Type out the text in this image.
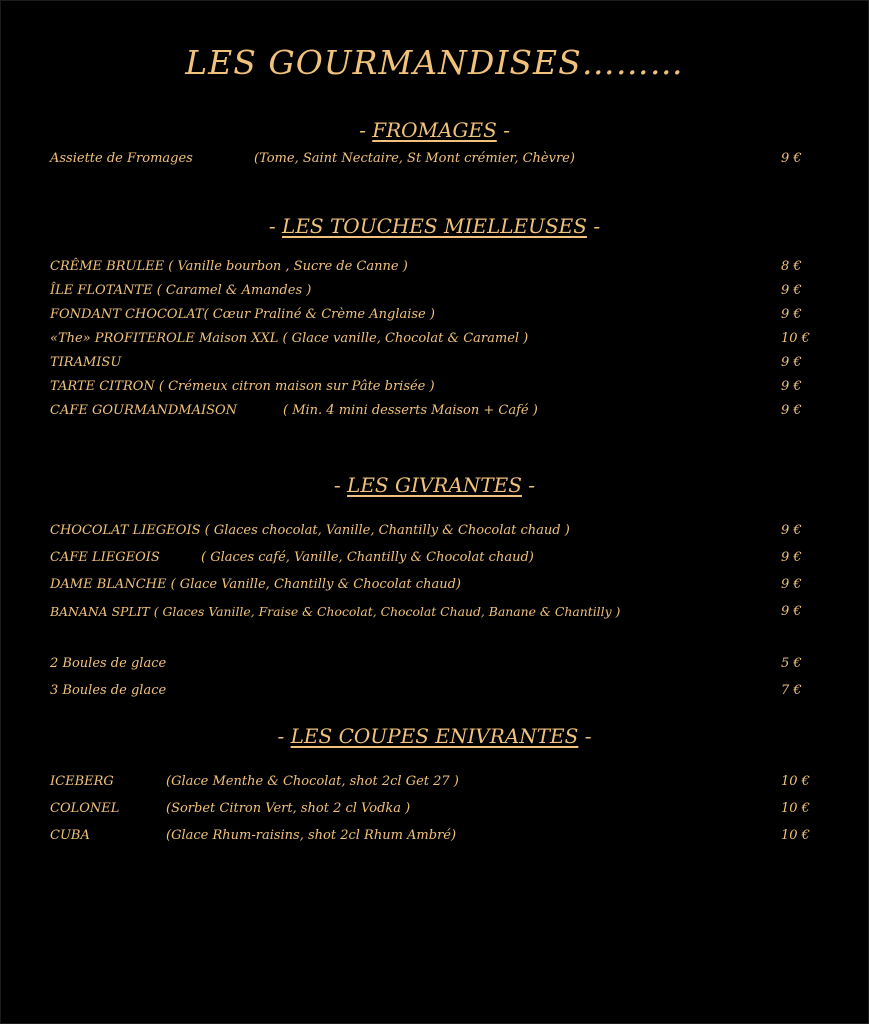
LES GOURMANDISES………
- FROMAGES -
Assiette de Fromages	(Tome, Saint Nectaire, St Mont crémier, Chèvre)	9 €
- LES TOUCHES MIELLEUSES -
CRÊME BRULEE ( Vanille bourbon , Sucre de Canne )	8 €
ÎLE FLOTANTE ( Caramel & Amandes )	9 €
FONDANT CHOCOLAT( Cœur Praliné & Crème Anglaise )	9 €
«The» PROFITEROLE Maison XXL ( Glace vanille, Chocolat & Caramel )	10 €
TIRAMISU	9 €
TARTE CITRON ( Crémeux citron maison sur Pâte brisée )	9 €
CAFE GOURMANDMAISON	( Min. 4 mini desserts Maison + Café )	9 €
- LES GIVRANTES -
CHOCOLAT LIEGEOIS ( Glaces chocolat, Vanille, Chantilly & Chocolat chaud )	9 €
CAFE LIEGEOIS	( Glaces café, Vanille, Chantilly & Chocolat chaud)	9 €
DAME BLANCHE ( Glace Vanille, Chantilly & Chocolat chaud)	9 €
BANANA SPLIT ( Glaces Vanille, Fraise & Chocolat, Chocolat Chaud, Banane & Chantilly )	9 €
2 Boules de glace	5 €
3 Boules de glace	7 €
- LES COUPES ENIVRANTES -
ICEBERG	(Glace Menthe & Chocolat, shot 2cl Get 27 )	10 €
COLONEL	(Sorbet Citron Vert, shot 2 cl Vodka )	10 €
CUBA	(Glace Rhum-raisins, shot 2cl Rhum Ambré)	10 €
